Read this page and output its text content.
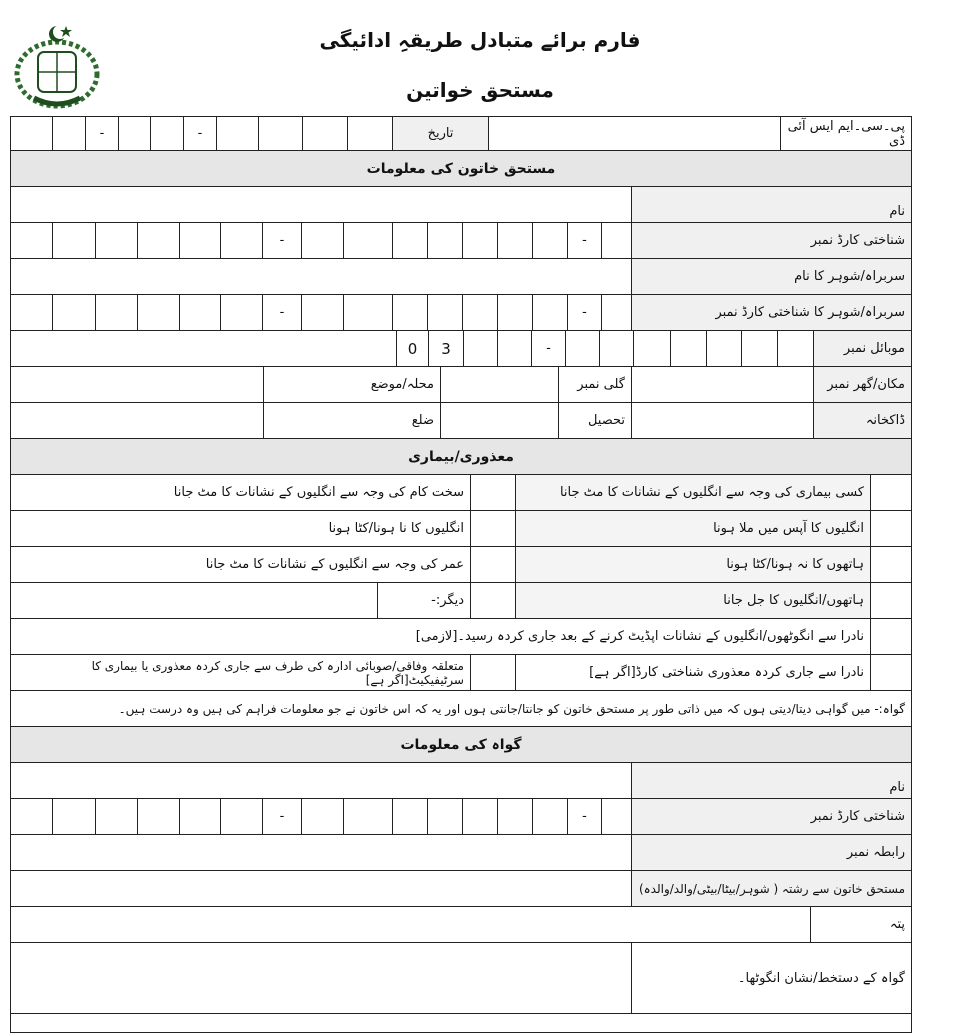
فارم برائے متبادل طریقہِ ادائیگی
مستحق خواتین
پی۔سی۔ایم ایس آئی ڈی
تاریخ
-
-
مستحق خاتون کی معلومات
نام
شناختی کارڈ نمبر
-
-
سربراہ/شوہر کا نام
سربراہ/شوہر کا شناختی کارڈ نمبر
-
-
موبائل نمبر
-
3
0
مکان/گھر نمبر
گلی نمبر
محلہ/موضع
ڈاکخانہ
تحصیل
ضلع
معذوری/بیماری
کسی بیماری کی وجہ سے انگلیوں کے نشانات کا مٹ جانا
سخت کام کی وجہ سے انگلیوں کے نشانات کا مٹ جانا
انگلیوں کا آپس میں ملا ہونا
انگلیوں کا نا ہونا/کٹا ہونا
ہاتھوں کا نہ ہونا/کٹا ہونا
عمر کی وجہ سے انگلیوں کے نشانات کا مٹ جانا
ہاتھوں/انگلیوں کا جل جانا
دیگر:-
نادرا سے انگوٹھوں/انگلیوں کے نشانات اپڈیٹ کرنے کے بعد جاری کردہ رسید۔[لازمی]
نادرا سے جاری کردہ معذوری شناختی کارڈ[اگر ہے]
متعلقہ وفاقی/صوبائی ادارہ کی طرف سے جاری کردہ معذوری یا بیماری کا سرٹیفیکیٹ[اگر ہے]
گواہ:- میں گواہی دیتا/دیتی ہوں کہ میں ذاتی طور پر مستحق خاتون کو جانتا/جانتی ہوں اور یہ کہ اس خاتون نے جو معلومات فراہم کی ہیں وہ درست ہیں۔
گواہ کی معلومات
نام
شناختی کارڈ نمبر
-
-
رابطہ نمبر
مستحق خاتون سے رشتہ ( شوہر/بیٹا/بیٹی/والد/والدہ)
پتہ
گواہ کے دستخط/نشان انگوٹھا۔
